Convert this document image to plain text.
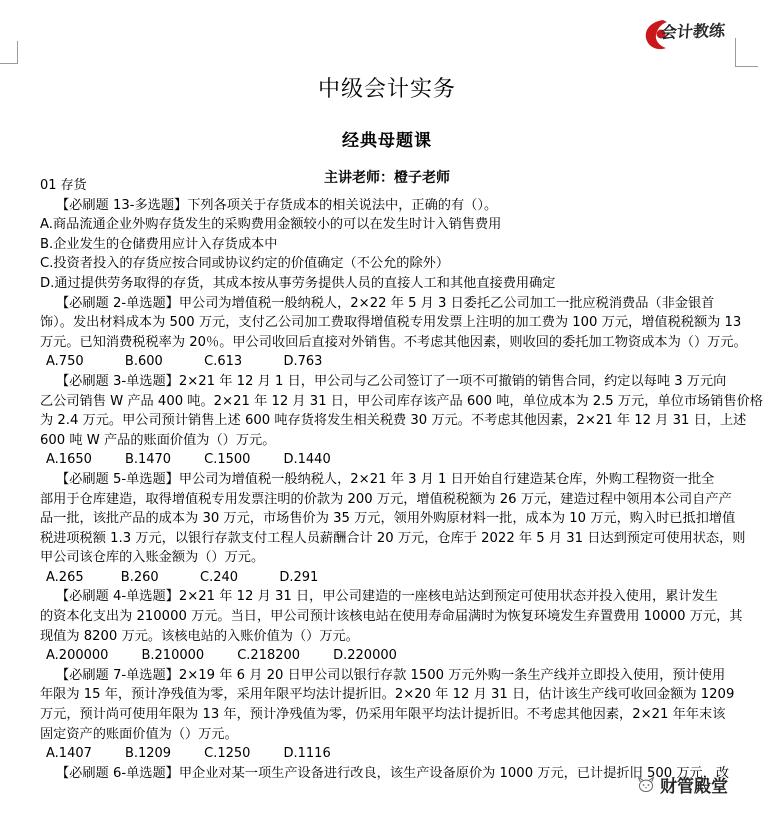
会计教练
中级会计实务
经典母题课
主讲老师：橙子老师
01 存货
【必刷题 13-多选题】下列各项关于存货成本的相关说法中，正确的有（）。
A.商品流通企业外购存货发生的采购费用金额较小的可以在发生时计入销售费用
B.企业发生的仓储费用应计入存货成本中
C.投资者投入的存货应按合同或协议约定的价值确定（不公允的除外）
D.通过提供劳务取得的存货，其成本按从事劳务提供人员的直接人工和其他直接费用确定
【必刷题 2-单选题】甲公司为增值税一般纳税人，2×22 年 5 月 3 日委托乙公司加工一批应税消费品（非金银首
饰）。发出材料成本为 500 万元，支付乙公司加工费取得增值税专用发票上注明的加工费为 100 万元，增值税税额为 13
万元。已知消费税税率为 20％。甲公司收回后直接对外销售。不考虑其他因素，则收回的委托加工物资成本为（）万元。
A.750          B.600          C.613          D.763
【必刷题 3-单选题】2×21 年 12 月 1 日，甲公司与乙公司签订了一项不可撤销的销售合同，约定以每吨 3 万元向
乙公司销售 W 产品 400 吨。2×21 年 12 月 31 日，甲公司库存该产品 600 吨，单位成本为 2.5 万元，单位市场销售价格
为 2.4 万元。甲公司预计销售上述 600 吨存货将发生相关税费 30 万元。不考虑其他因素，2×21 年 12 月 31 日，上述
600 吨 W 产品的账面价值为（）万元。
A.1650        B.1470        C.1500        D.1440
【必刷题 5-单选题】甲公司为增值税一般纳税人，2×21 年 3 月 1 日开始自行建造某仓库，外购工程物资一批全
部用于仓库建造，取得增值税专用发票注明的价款为 200 万元，增值税税额为 26 万元，建造过程中领用本公司自产产
品一批，该批产品的成本为 30 万元，市场售价为 35 万元，领用外购原材料一批，成本为 10 万元，购入时已抵扣增值
税进项税额 1.3 万元，以银行存款支付工程人员薪酬合计 20 万元，仓库于 2022 年 5 月 31 日达到预定可使用状态，则
甲公司该仓库的入账金额为（）万元。
A.265         B.260          C.240          D.291
【必刷题 4-单选题】2×21 年 12 月 31 日，甲公司建造的一座核电站达到预定可使用状态并投入使用，累计发生
的资本化支出为 210000 万元。当日，甲公司预计该核电站在使用寿命届满时为恢复环境发生弃置费用 10000 万元，其
现值为 8200 万元。该核电站的入账价值为（）万元。
A.200000        B.210000        C.218200        D.220000
【必刷题 7-单选题】2×19 年 6 月 20 日甲公司以银行存款 1500 万元外购一条生产线并立即投入使用，预计使用
年限为 15 年，预计净残值为零，采用年限平均法计提折旧。2×20 年 12 月 31 日，估计该生产线可收回金额为 1209
万元，预计尚可使用年限为 13 年，预计净残值为零，仍采用年限平均法计提折旧。不考虑其他因素，2×21 年年末该
固定资产的账面价值为（）万元。
A.1407        B.1209        C.1250        D.1116
【必刷题 6-单选题】甲企业对某一项生产设备进行改良，该生产设备原价为 1000 万元，已计提折旧 500 万元，改
财管殿堂
